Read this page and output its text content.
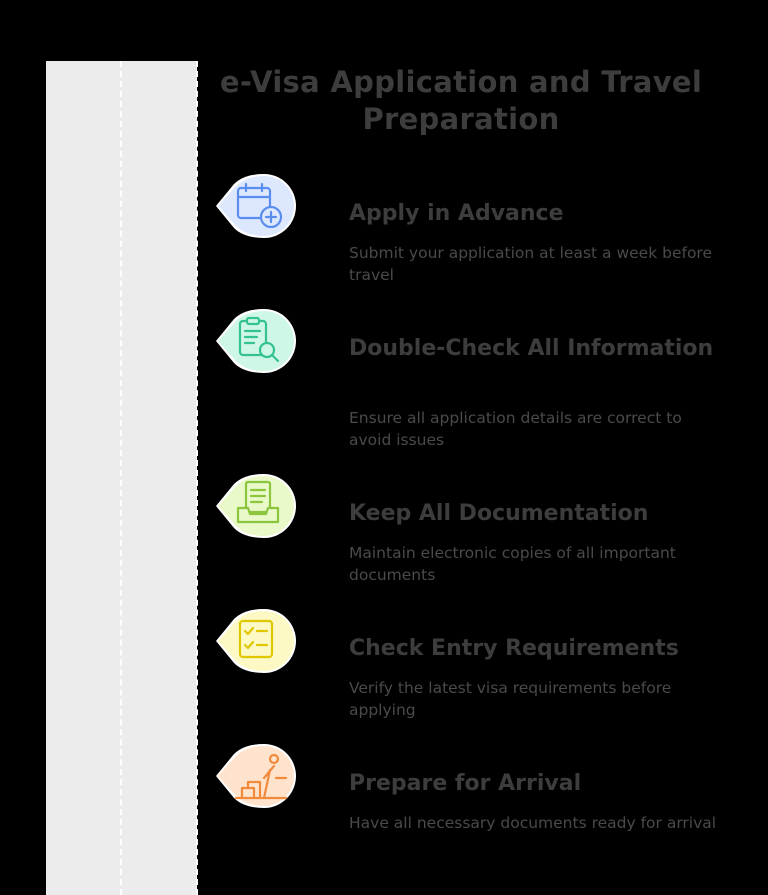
e-Visa Application and Travel Preparation
Apply in Advance

Submit your application at least a week before travel

Double-Check All Information

Ensure all application details are correct to avoid issues

Keep All Documentation

Maintain electronic copies of all important documents

Check Entry Requirements

Verify the latest visa requirements before applying

Prepare for Arrival

Have all necessary documents ready for arrival
